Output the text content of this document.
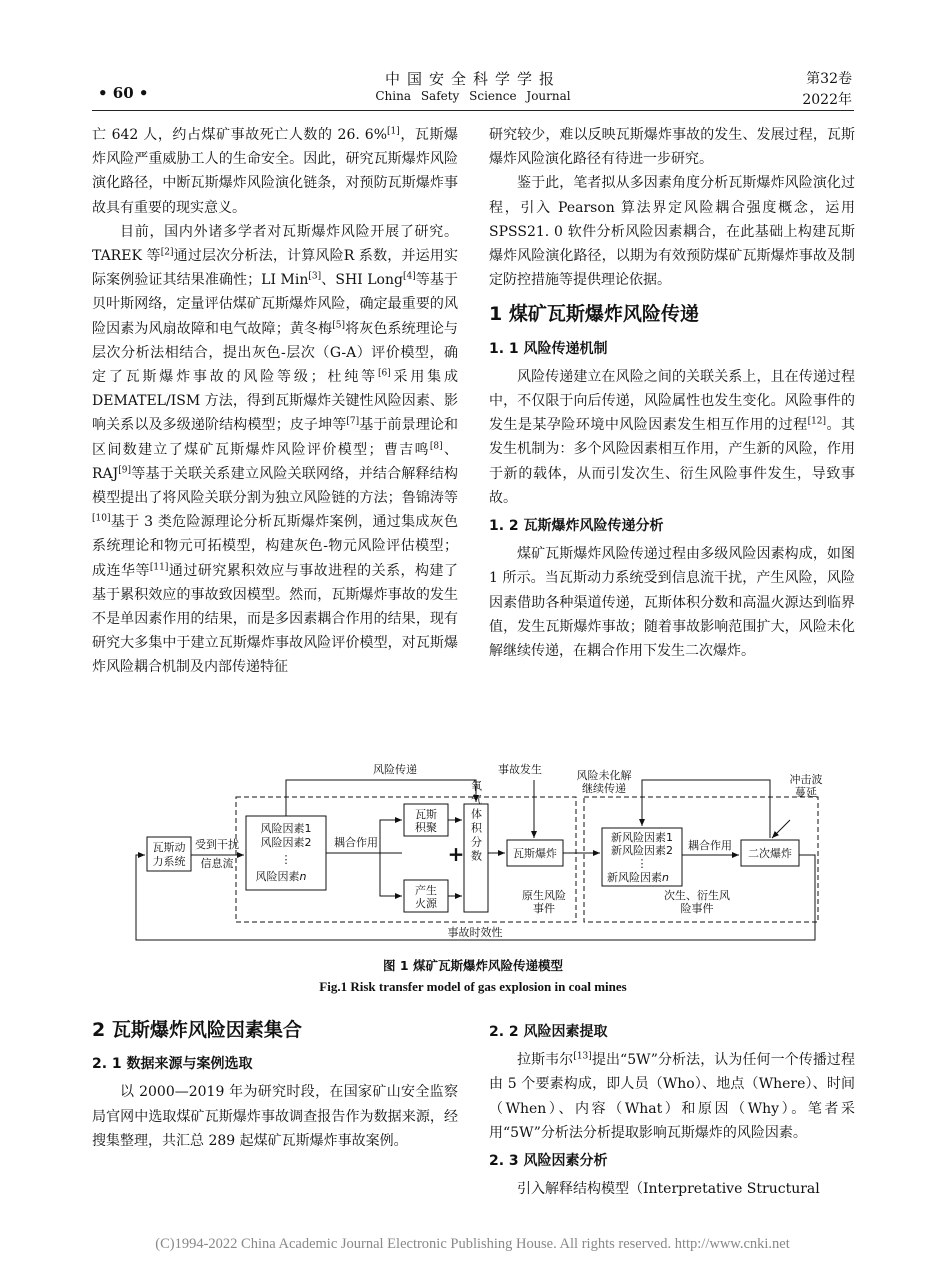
• 60 •
中国安全科学学报
China Safety Science Journal
第32卷
2022年

亡 642 人，约占煤矿事故死亡人数的 26. 6%[1]，瓦斯爆炸风险严重威胁工人的生命安全。因此，研究瓦斯爆炸风险演化路径，中断瓦斯爆炸风险演化链条，对预防瓦斯爆炸事故具有重要的现实意义。

目前，国内外诸多学者对瓦斯爆炸风险开展了研究。TAREK 等[2]通过层次分析法，计算风险R 系数，并运用实际案例验证其结果准确性；LI Min[3]、SHI Long[4]等基于贝叶斯网络，定量评估煤矿瓦斯爆炸风险，确定最重要的风险因素为风扇故障和电气故障；黄冬梅[5]将灰色系统理论与层次分析法相结合，提出灰色-层次（G-A）评价模型，确定了瓦斯爆炸事故的风险等级；杜纯等[6]采用集成 DEMATEL/ISM 方法，得到瓦斯爆炸关键性风险因素、影响关系以及多级递阶结构模型；皮子坤等[7]基于前景理论和区间数建立了煤矿瓦斯爆炸风险评价模型；曹吉鸣[8]、RAJ[9]等基于关联关系建立风险关联网络，并结合解释结构模型提出了将风险关联分割为独立风险链的方法；鲁锦涛等[10]基于 3 类危险源理论分析瓦斯爆炸案例，通过集成灰色系统理论和物元可拓模型，构建灰色-物元风险评估模型；成连华等[11]通过研究累积效应与事故进程的关系，构建了基于累积效应的事故致因模型。然而，瓦斯爆炸事故的发生不是单因素作用的结果，而是多因素耦合作用的结果，现有研究大多集中于建立瓦斯爆炸事故风险评价模型，对瓦斯爆炸风险耦合机制及内部传递特征

研究较少，难以反映瓦斯爆炸事故的发生、发展过程，瓦斯爆炸风险演化路径有待进一步研究。

鉴于此，笔者拟从多因素角度分析瓦斯爆炸风险演化过程，引入 Pearson 算法界定风险耦合强度概念，运用 SPSS21. 0 软件分析风险因素耦合，在此基础上构建瓦斯爆炸风险演化路径，以期为有效预防煤矿瓦斯爆炸事故及制定防控措施等提供理论依据。

1 煤矿瓦斯爆炸风险传递
1. 1 风险传递机制

风险传递建立在风险之间的关联关系上，且在传递过程中，不仅限于向后传递，风险属性也发生变化。风险事件的发生是某孕险环境中风险因素发生相互作用的过程[12]。其发生机制为：多个风险因素相互作用，产生新的风险，作用于新的载体，从而引发次生、衍生风险事件发生，导致事故。

1. 2 瓦斯爆炸风险传递分析

煤矿瓦斯爆炸风险传递过程由多级风险因素构成，如图 1 所示。当瓦斯动力系统受到信息流干扰，产生风险，风险因素借助各种渠道传递，瓦斯体积分数和高温火源达到临界值，发生瓦斯爆炸事故；随着事故影响范围扩大，风险未化解继续传递，在耦合作用下发生二次爆炸。

+
风险传递	事故发生	风险未化解
继续传递
冲击波
蔓延
瓦斯动
力系统
受到干扰
信息流
风险因素1
风险因素2
⋮
风险因素n
耦合作用
瓦斯
积聚
产生
火源
氧气体积分数	瓦斯爆炸
原生风险
事件
新风险因素1
新风险因素2
⋮
新风险因素n
耦合作用
次生、衍生风
险事件
二次爆炸
事故时效性
图 1 煤矿瓦斯爆炸风险传递模型
Fig.1 Risk transfer model of gas explosion in coal mines
2 瓦斯爆炸风险因素集合
2. 1 数据来源与案例选取

以 2000—2019 年为研究时段，在国家矿山安全监察局官网中选取煤矿瓦斯爆炸事故调查报告作为数据来源，经搜集整理，共汇总 289 起煤矿瓦斯爆炸事故案例。

2. 2 风险因素提取

拉斯韦尔[13]提出“5W”分析法，认为任何一个传播过程由 5 个要素构成，即人员（Who）、地点（Where）、时间（When）、内容（What）和原因（Why）。笔者采用“5W”分析法分析提取影响瓦斯爆炸的风险因素。

2. 3 风险因素分析

引入解释结构模型（Interpretative Structural

(C)1994-2022 China Academic Journal Electronic Publishing House. All rights reserved. http://www.cnki.net
